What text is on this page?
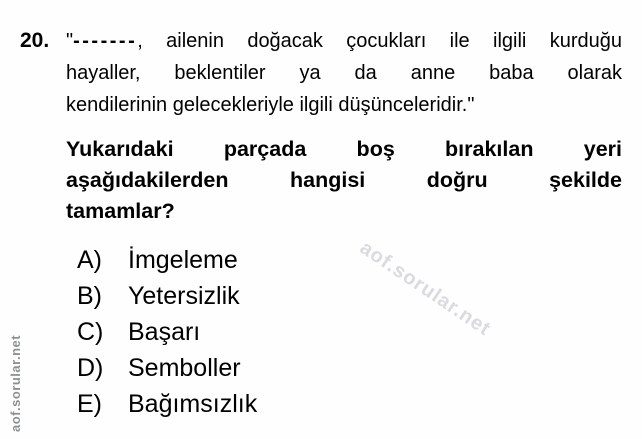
20. "-------, ailenin doğacak çocukları ile ilgili kurduğu
hayaller, beklentiler ya da anne baba olarak
kendilerinin gelecekleriyle ilgili düşünceleridir."
Yukarıdaki parçada boş bırakılan yeri
aşağıdakilerden hangisi doğru şekilde
tamamlar?
A)	İmgeleme
B)	Yetersizlik
C) Başarı
D) Semboller
E)	Bağımsızlık
aof.sorular.net
aof.sorular.net
